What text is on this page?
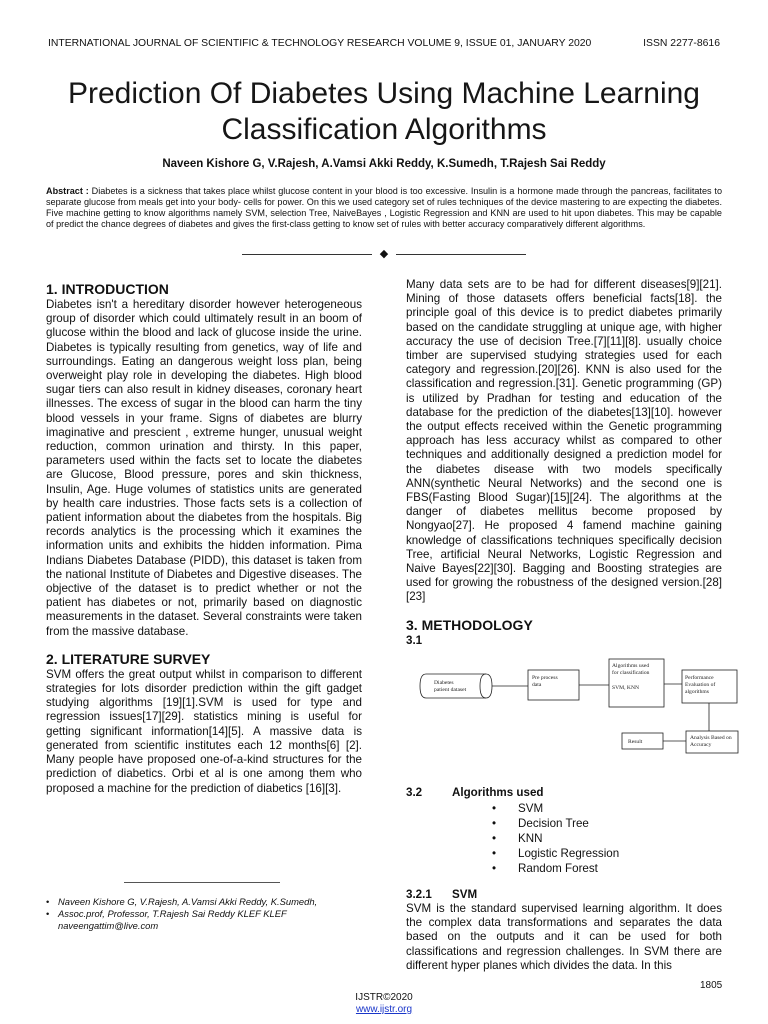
INTERNATIONAL JOURNAL OF SCIENTIFIC & TECHNOLOGY RESEARCH VOLUME 9, ISSUE 01, JANUARY 2020	ISSN 2277-8616
Prediction Of Diabetes Using Machine Learning
Classification Algorithms
Naveen Kishore G, V.Rajesh, A.Vamsi Akki Reddy, K.Sumedh, T.Rajesh Sai Reddy
Abstract : Diabetes is a sickness that takes place whilst glucose content in your blood is too excessive. Insulin is a hormone made through the pancreas, facilitates to separate glucose from meals get into your body- cells for power. On this we used category set of rules techniques of the device mastering to are expecting the diabetes. Five machine getting to know algorithms namely SVM, selection Tree, NaiveBayes , Logistic Regression and KNN are used to hit upon diabetes. This may be capable of predict the chance degrees of diabetes and gives the first-class getting to know set of rules with better accuracy comparatively different algorithms.
◆
1. INTRODUCTION

Diabetes isn't a hereditary disorder however heterogeneous group of disorder which could ultimately result in an boom of glucose within the blood and lack of glucose inside the urine. Diabetes is typically resulting from genetics, way of life and surroundings. Eating an dangerous weight loss plan, being overweight play role in developing the diabetes. High blood sugar tiers can also result in kidney diseases, coronary heart illnesses. The excess of sugar in the blood can harm the tiny blood vessels in your frame. Signs of diabetes are blurry imaginative and prescient , extreme hunger, unusual weight reduction, common urination and thirsty. In this paper, parameters used within the facts set to locate the diabetes are Glucose, Blood pressure, pores and skin thickness, Insulin, Age. Huge volumes of statistics units are generated by health care industries. Those facts sets is a collection of patient information about the diabetes from the hospitals. Big records analytics is the processing which it examines the information units and exhibits the hidden information. Pima Indians Diabetes Database (PIDD), this dataset is taken from the national Institute of Diabetes and Digestive diseases. The objective of the dataset is to predict whether or not the patient has diabetes or not, primarily based on diagnostic measurements in the dataset. Several constraints were taken from the massive database.

2. LITERATURE SURVEY

SVM offers the great output whilst in comparison to different strategies for lots disorder prediction within the gift gadget studying algorithms [19][1].SVM is used for type and regression issues[17][29]. statistics mining is useful for getting significant information[14][5]. A massive data is generated from scientific institutes each 12 months[6] [2]. Many people have proposed one-of-a-kind structures for the prediction of diabetics. Orbi et al is one among them who proposed a machine for the prediction of diabetics [16][3].

Many data sets are to be had for different diseases[9][21]. Mining of those datasets offers beneficial facts[18]. the principle goal of this device is to predict diabetes primarily based on the candidate struggling at unique age, with higher accuracy the use of decision Tree.[7][11][8]. usually choice timber are supervised studying strategies used for each category and regression.[20][26]. KNN is also used for the classification and regression.[31]. Genetic programming (GP) is utilized by Pradhan for testing and education of the database for the prediction of the diabetes[13][10]. however the output effects received within the Genetic programming approach has less accuracy whilst as compared to other techniques and additionally designed a prediction model for the diabetes disease with two models specifically ANN(synthetic Neural Networks) and the second one is FBS(Fasting Blood Sugar)[15][24]. The algorithms at the danger of diabetes mellitus become proposed by Nongyao[27]. He proposed 4 famend machine gaining knowledge of classifications techniques specifically decision Tree, artificial Neural Networks, Logistic Regression and Naive Bayes[22][30]. Bagging and Boosting strategies are used for growing the robustness of the designed version.[28][23]

3. METHODOLOGY
3.1
Diabetes
patient dataset
Pre process
data
Algorithms used
for classification
SVM, KNN
Performance
Evaluation of
algorithms
Analysis Based on
Accuracy
Result
3.2	Algorithms used
•	SVM
•	Decision Tree
•	KNN
•	Logistic Regression
•	Random Forest
3.2.1 SVM
SVM is the standard supervised learning algorithm. It does the complex data transformations and separates the data based on the outputs and it can be used for both classifications and regression challenges. In SVM there are different hyper planes which divides the data. In this
• Naveen Kishore G, V.Rajesh, A.Vamsi Akki Reddy, K.Sumedh,
• Assoc.prof, Professor, T.Rajesh Sai Reddy KLEF KLEF
naveengattim@live.com
1805
IJSTR©2020
www.ijstr.org
